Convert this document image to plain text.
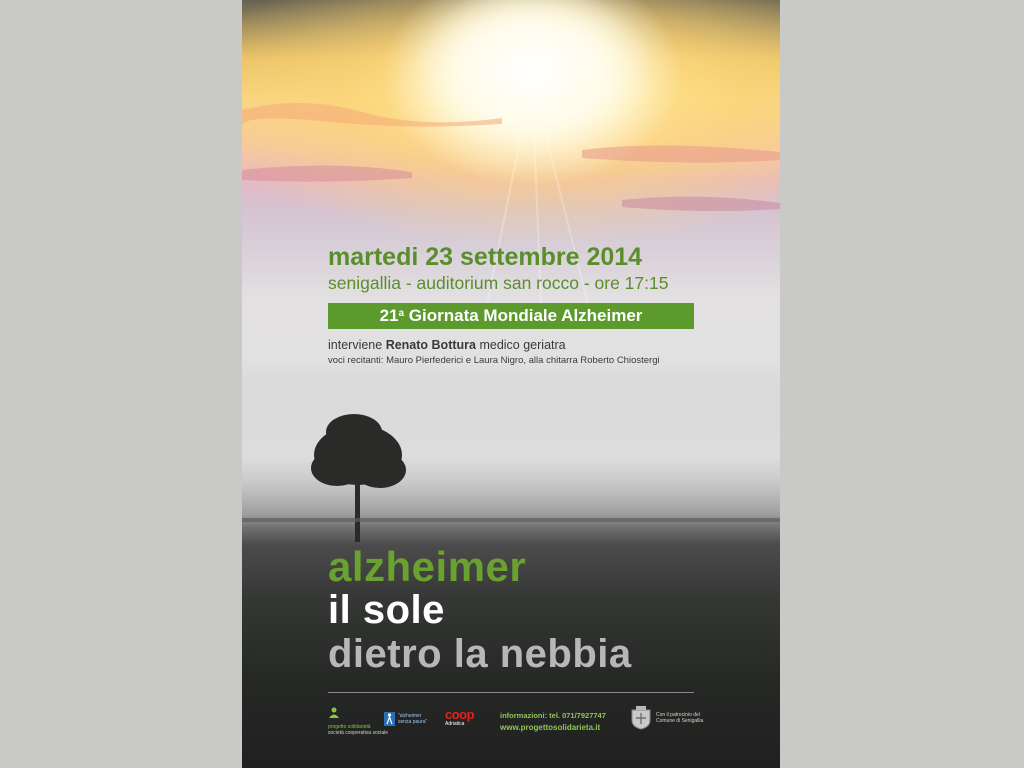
martedi 23 settembre 2014
senigallia - auditorium san rocco - ore 17:15
21$^a$
Giornata Mondiale Alzheimer
interviene Renato Bottura medico geriatra
voci recitanti: Mauro Pierfederici e Laura Nigro, alla chitarra Roberto Chiostergi
alzheimer
il sole
dietro la nebbia
progetto solidarietà
società cooperativa sociale
"alzheimer senza paura" coop
Adriatica
informazioni: tel. 071/7927747
www.progettosolidarieta.it
Con il patrocinio del
Comune di Senigallia
